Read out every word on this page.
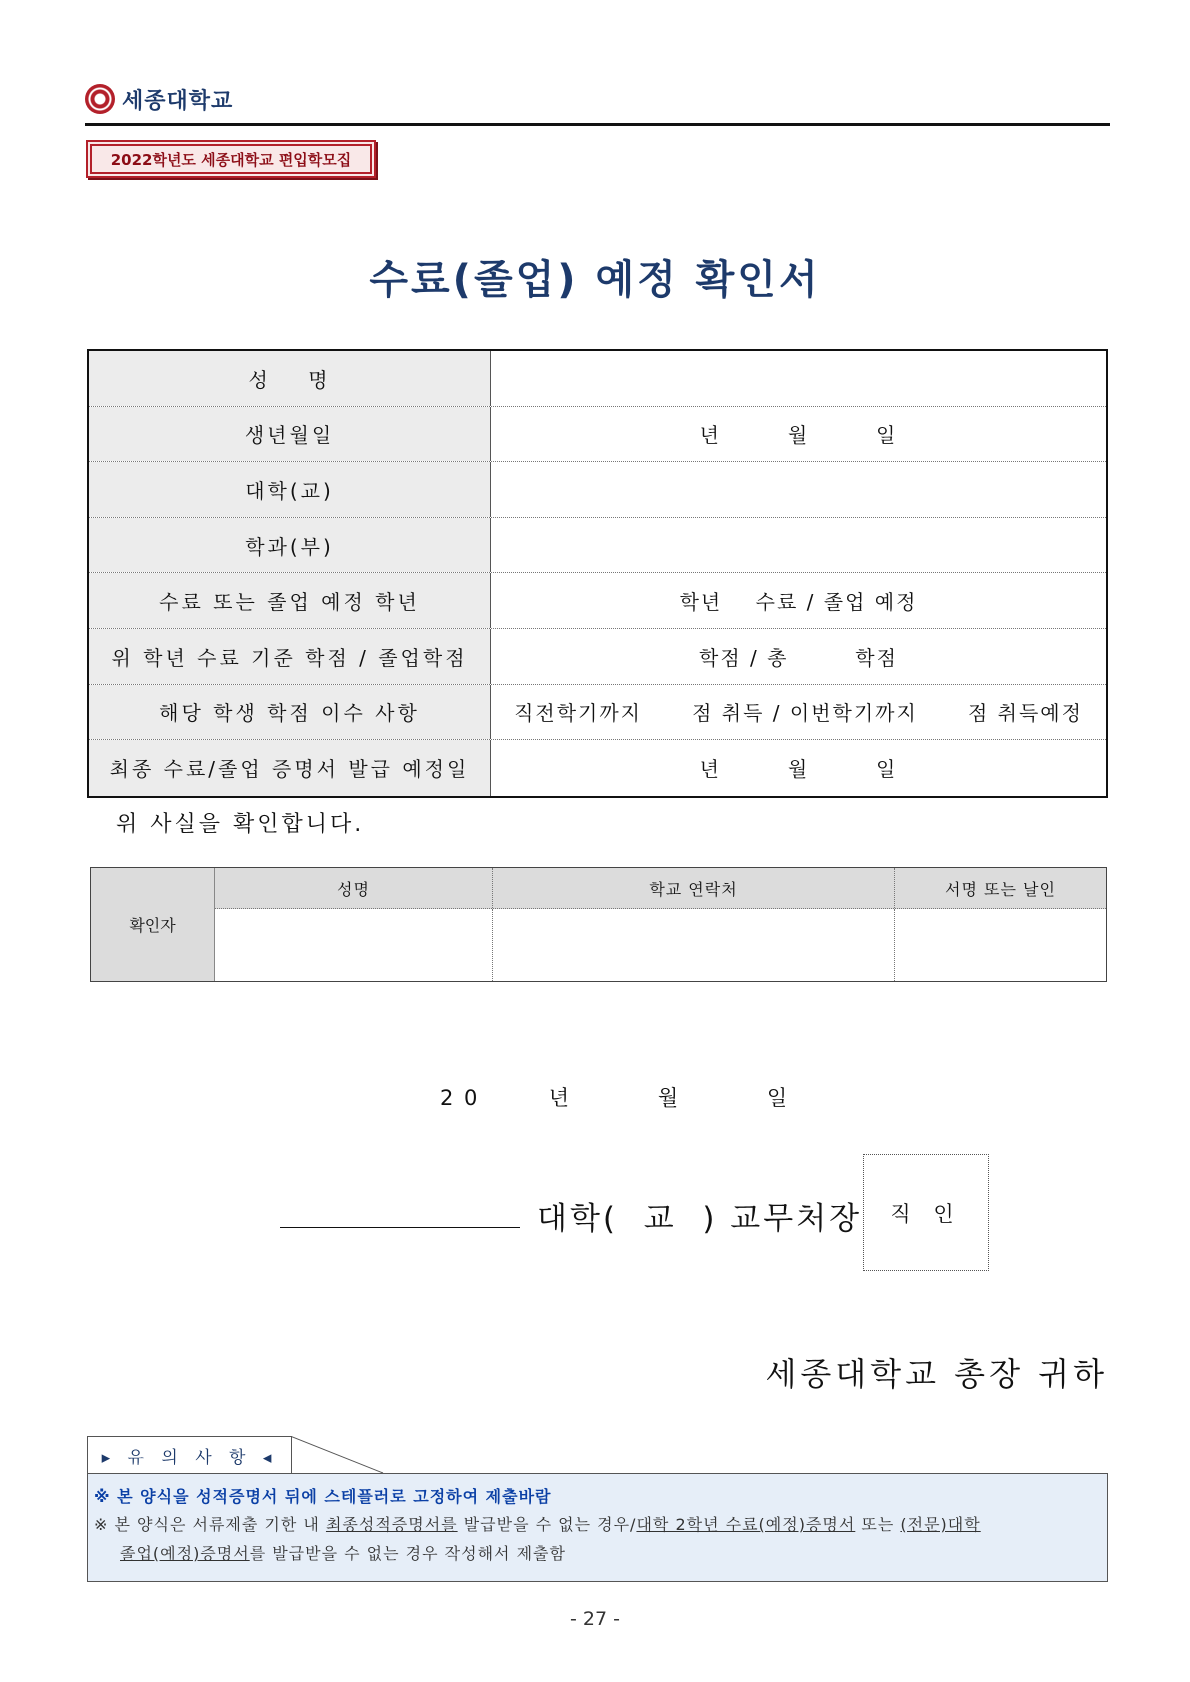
세종대학교
2022학년도 세종대학교 편입학모집
수료(졸업) 예정 확인서
성    명
생년월일	년        월        일
대학(교)
학과(부)
수료 또는 졸업 예정 학년	학년    수료 / 졸업 예정
위 학년 수료 기준 학점 / 졸업학점	학점 / 총        학점
해당 학생 학점 이수 사항	직전학기까지      점 취득 / 이번학기까지      점 취득예정
최종 수료/졸업 증명서 발급 예정일	년        월        일
위 사실을 확인합니다.
확인자
성명	학교 연락처	서명 또는 날인
2 0        년          월          일
대학(  교  ) 교무처장	직 인
세종대학교 총장 귀하
▸ 유 의 사 항 ◂
※ 본 양식을 성적증명서 뒤에 스테플러로 고정하여 제출바람
※ 본 양식은 서류제출 기한 내 최종성적증명서를 발급받을 수 없는 경우/대학 2학년 수료(예정)증명서 또는 (전문)대학
졸업(예정)증명서를 발급받을 수 없는 경우 작성해서 제출함
- 27 -
